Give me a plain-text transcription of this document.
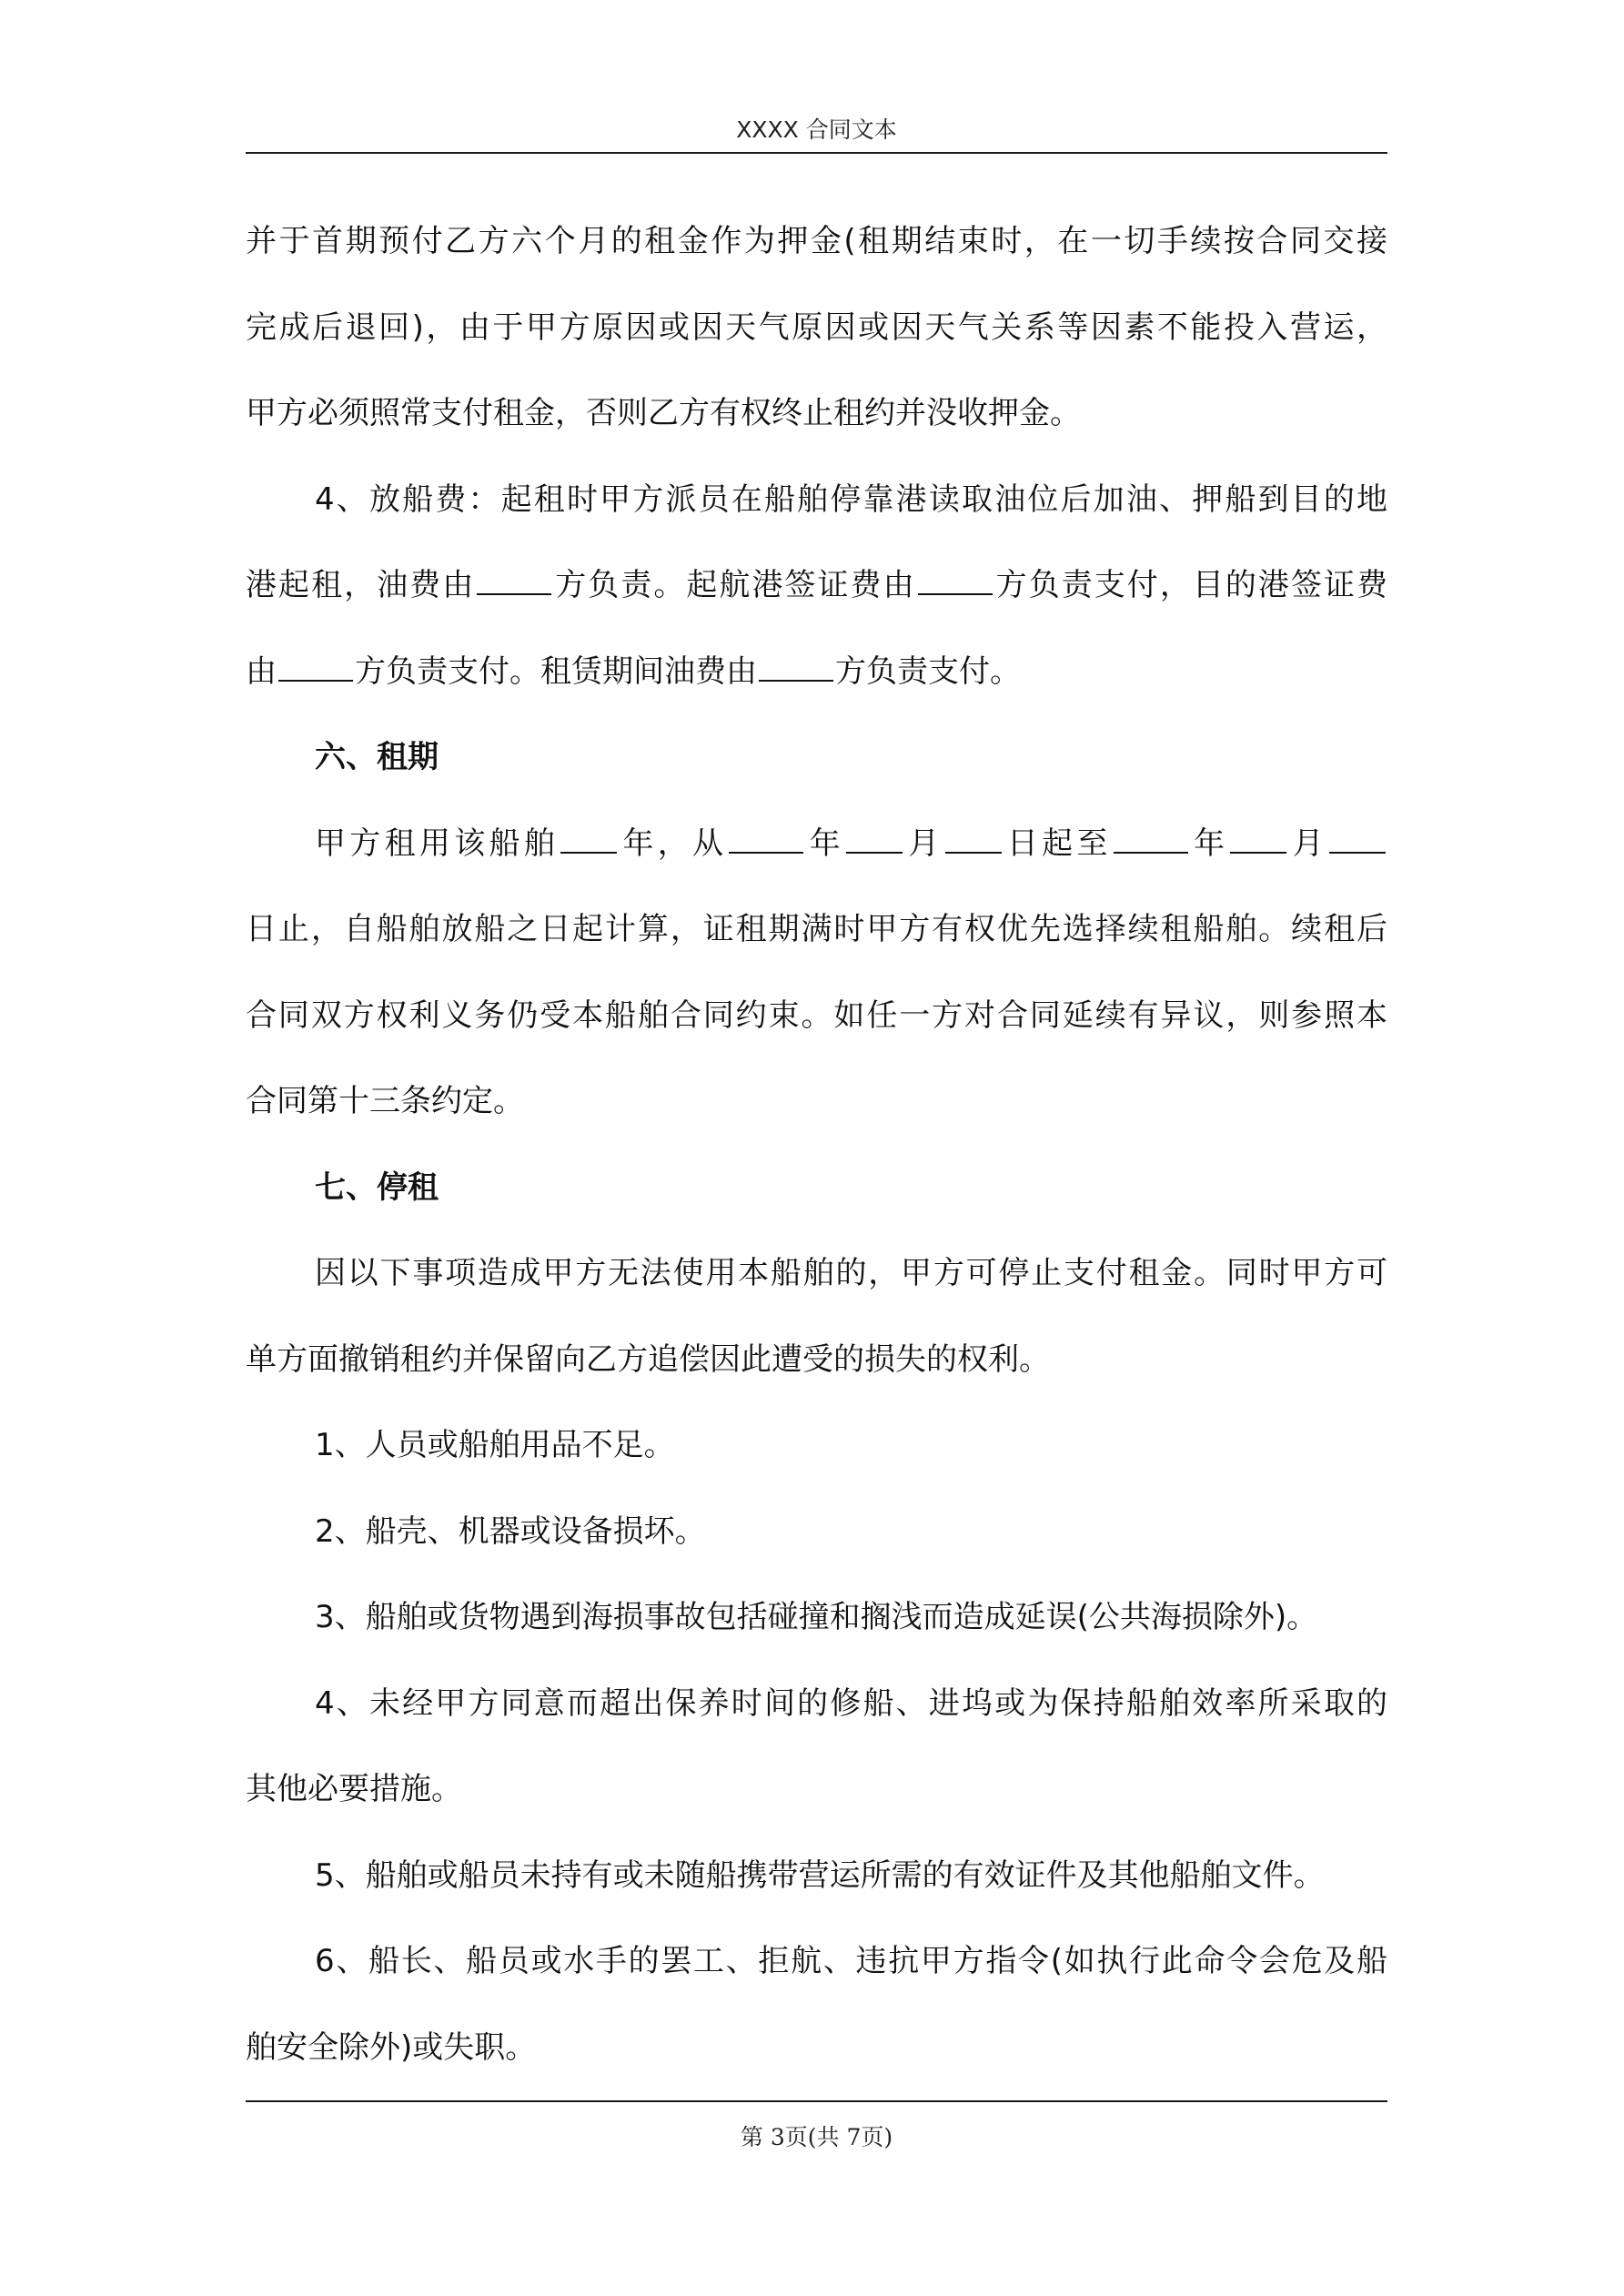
XXXX 合同文本
并于首期预付乙方六个月的租金作为押金(租期结束时，在一切手续按合同交接
完成后退回)，由于甲方原因或因天气原因或因天气关系等因素不能投入营运，
甲方必须照常支付租金，否则乙方有权终止租约并没收押金。
4、放船费：起租时甲方派员在船舶停靠港读取油位后加油、押船到目的地
港起租，油费由	方负责。起航港签证费由	方负责支付，目的港签证费
由	方负责支付。租赁期间油费由	方负责支付。
六、租期
甲方租用该船舶 年，从	年 月 日起至	年 月
日止，自船舶放船之日起计算，证租期满时甲方有权优先选择续租船舶。续租后
合同双方权利义务仍受本船舶合同约束。如任一方对合同延续有异议，则参照本
合同第十三条约定。
七、停租
因以下事项造成甲方无法使用本船舶的，甲方可停止支付租金。同时甲方可
单方面撤销租约并保留向乙方追偿因此遭受的损失的权利。
1、人员或船舶用品不足。
2、船壳、机器或设备损坏。
3、船舶或货物遇到海损事故包括碰撞和搁浅而造成延误(公共海损除外)。
4、未经甲方同意而超出保养时间的修船、进坞或为保持船舶效率所采取的
其他必要措施。
5、船舶或船员未持有或未随船携带营运所需的有效证件及其他船舶文件。
6、船长、船员或水手的罢工、拒航、违抗甲方指令(如执行此命令会危及船
舶安全除外)或失职。
第 3页(共 7页)
